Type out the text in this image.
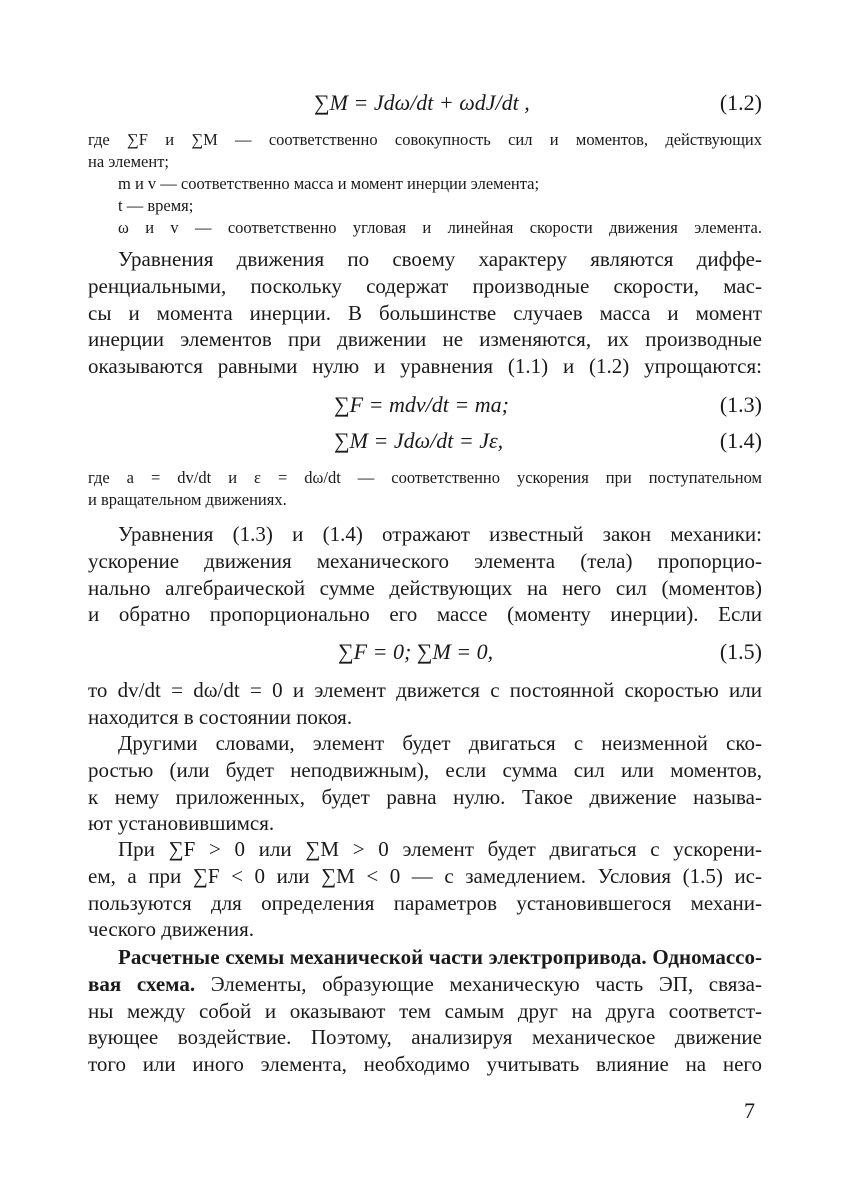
∑M = Jdω/dt + ωdJ/dt ,	(1.2)
где ∑F и ∑M — соответственно совокупность сил и моментов, действующих
на элемент;
m и v — соответственно масса и момент инерции элемента;
t — время;
ω и v — соответственно угловая и линейная скорости движения элемента.
Уравнения движения по своему характеру являются диффе-
ренциальными, поскольку содержат производные скорости, мас-
сы и момента инерции. В большинстве случаев масса и момент
инерции элементов при движении не изменяются, их производные
оказываются равными нулю и уравнения (1.1) и (1.2) упрощаются:
∑F = mdv/dt = ma;	(1.3)
∑M = Jdω/dt = Jε,	(1.4)
где a = dv/dt и ε = dω/dt — соответственно ускорения при поступательном
и вращательном движениях.
Уравнения (1.3) и (1.4) отражают известный закон механики:
ускорение движения механического элемента (тела) пропорцио-
нально алгебраической сумме действующих на него сил (моментов)
и обратно пропорционально его массе (моменту инерции). Если
∑F = 0; ∑M = 0,	(1.5)
то dv/dt = dω/dt = 0 и элемент движется с постоянной скоростью или
находится в состоянии покоя.
Другими словами, элемент будет двигаться с неизменной ско-
ростью (или будет неподвижным), если сумма сил или моментов,
к нему приложенных, будет равна нулю. Такое движение называ-
ют установившимся.
При ∑F > 0 или ∑M > 0 элемент будет двигаться с ускорени-
ем, а при ∑F < 0 или ∑M < 0 — с замедлением. Условия (1.5) ис-
пользуются для определения параметров установившегося механи-
ческого движения.
Расчетные схемы механической части электропривода. Одномассо-
вая схема. Элементы, образующие механическую часть ЭП, связа-
ны между собой и оказывают тем самым друг на друга соответст-
вующее воздействие. Поэтому, анализируя механическое движение
того или иного элемента, необходимо учитывать влияние на него
7
